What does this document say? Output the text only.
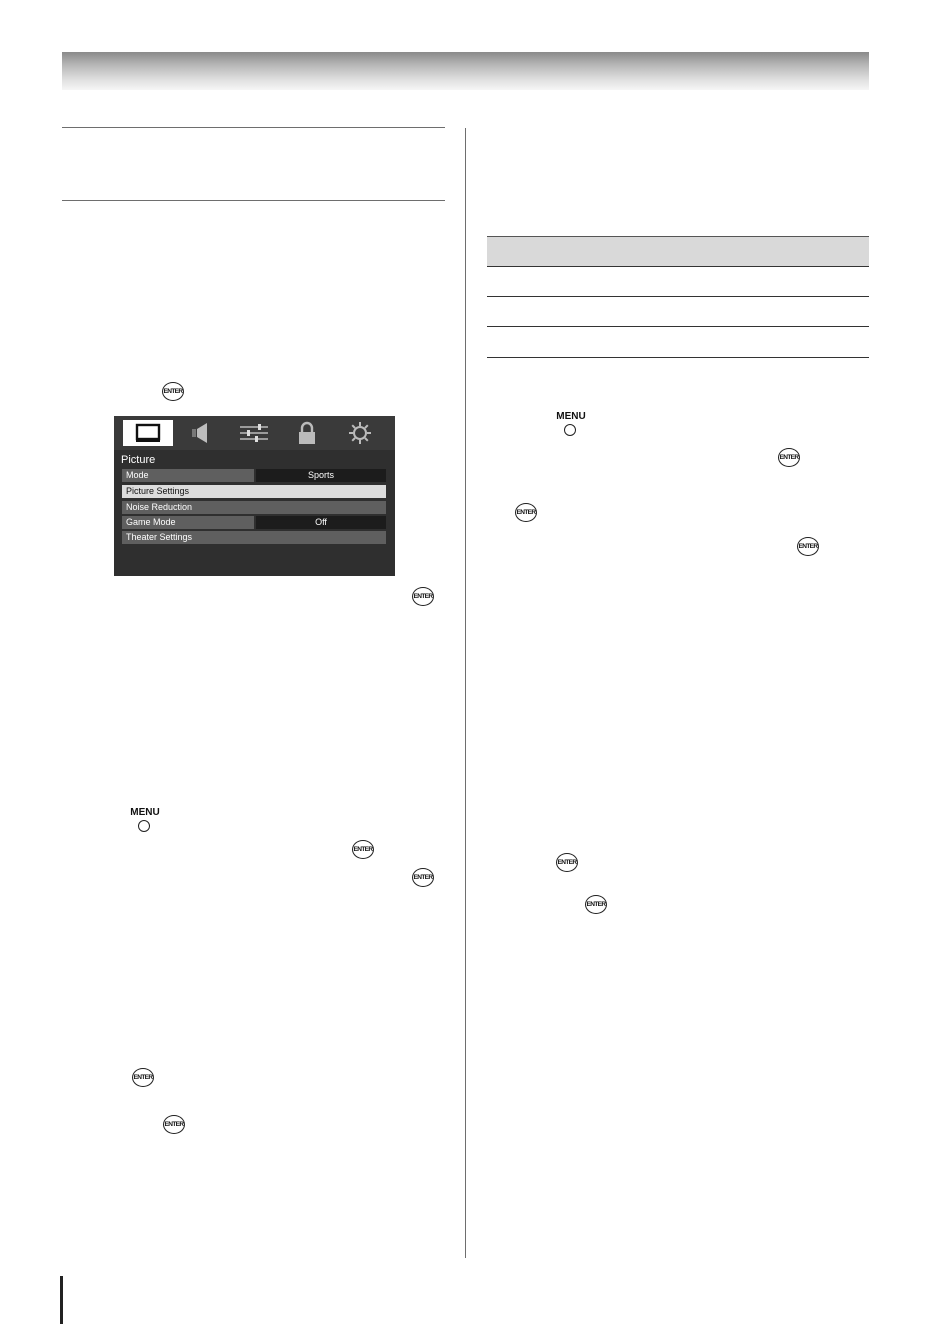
ENTER
ENTER
ENTER
ENTER
ENTER
ENTER
MENU
MENU
ENTER
ENTER
ENTER
ENTER
ENTER
Picture
Mode	Sports
Picture Settings
Noise Reduction
Game Mode	Off
Theater Settings
